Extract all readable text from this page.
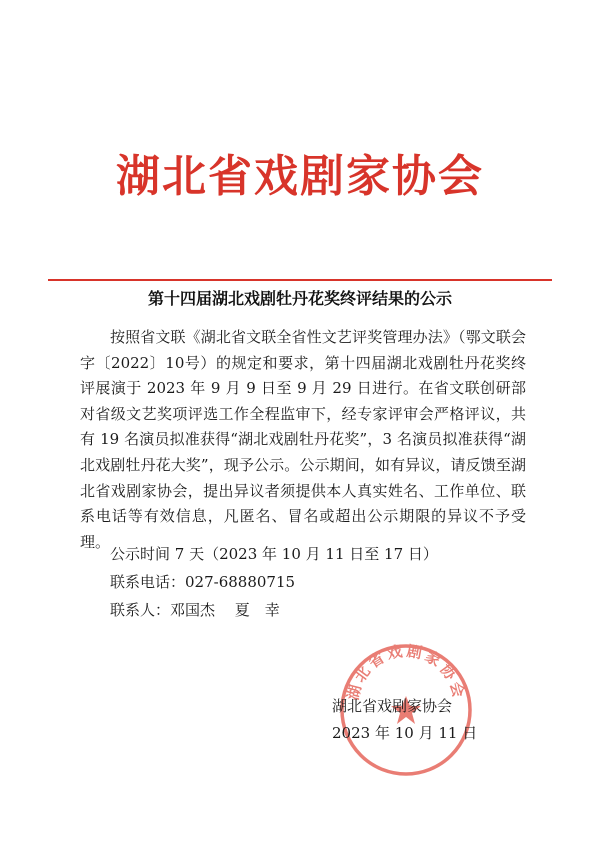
湖北省戏剧家协会
第十四届湖北戏剧牡丹花奖终评结果的公示
按照省文联《湖北省文联全省性文艺评奖管理办法》（鄂文联会字〔2022〕10号）的规定和要求，第十四届湖北戏剧牡丹花奖终评展演于 2023 年 9 月 9 日至 9 月 29 日进行。在省文联创研部对省级文艺奖项评选工作全程监审下，经专家评审会严格评议，共有 19 名演员拟准获得“湖北戏剧牡丹花奖”，3 名演员拟准获得“湖北戏剧牡丹花大奖”，现予公示。公示期间，如有异议，请反馈至湖北省戏剧家协会，提出异议者须提供本人真实姓名、工作单位、联系电话等有效信息，凡匿名、冒名或超出公示期限的异议不予受理。
公示时间 7 天（2023 年 10 月 11 日至 17 日）
联系电话：027-68880715
联系人：邓国杰　 夏　幸
湖北省戏剧家协会
湖北省戏剧家协会
2023 年 10 月 11 日
